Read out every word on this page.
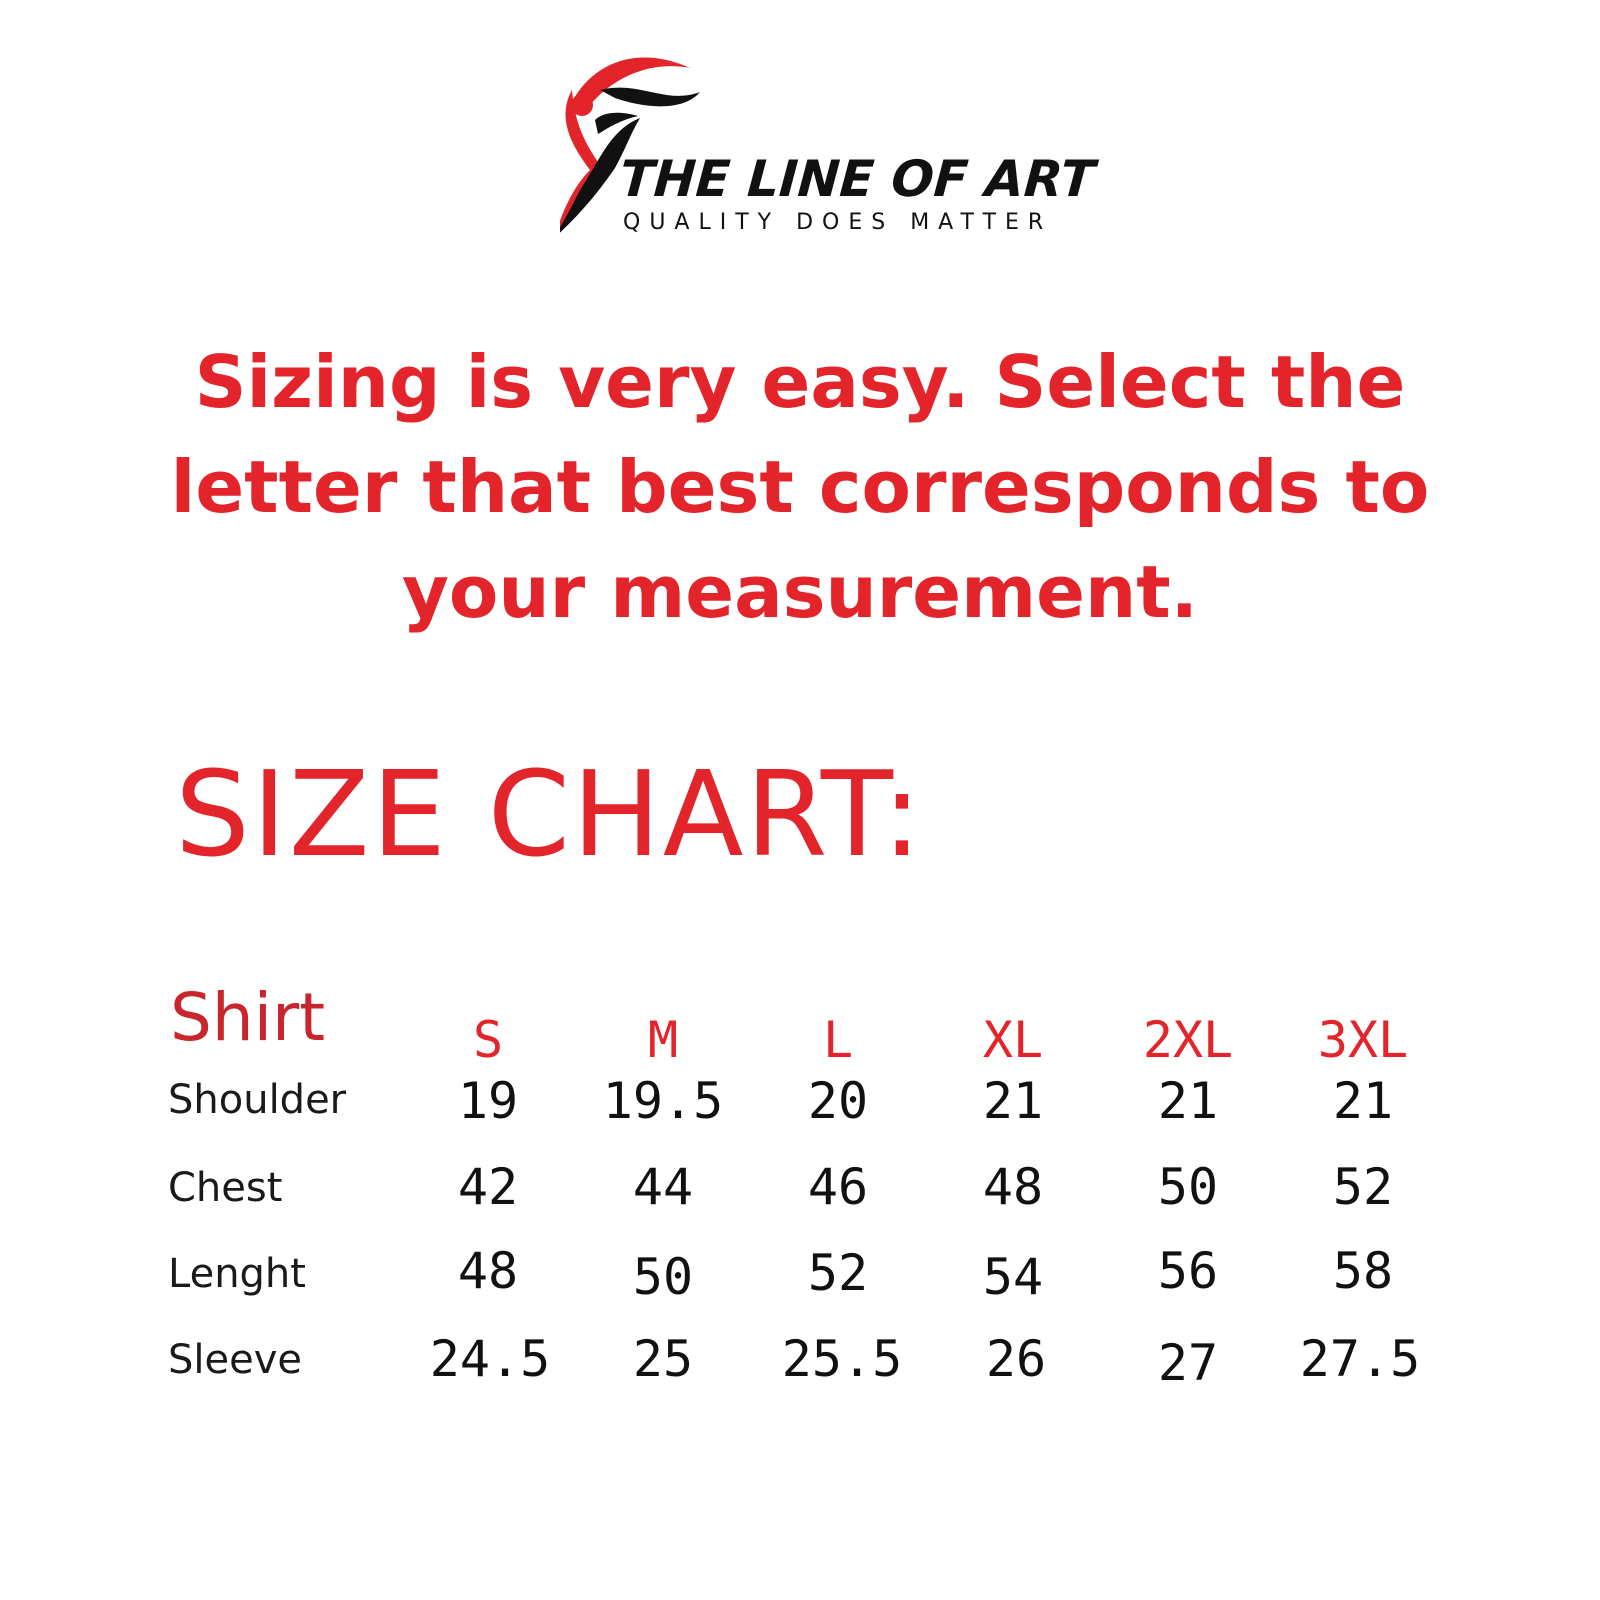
THE LINE OF ART
QUALITY DOES MATTER
Sizing is very easy. Select the
letter that best corresponds to
your measurement.
SIZE CHART:
Shirt	S	M	L	XL 2XL 3XL
Shoulder 19 19.5 20 21 21 21
Chest	42 44 46 48 50 52
Lenght	48 50 52 54 56 58
Sleeve	24.5 25 25.5 26 27 27.5
